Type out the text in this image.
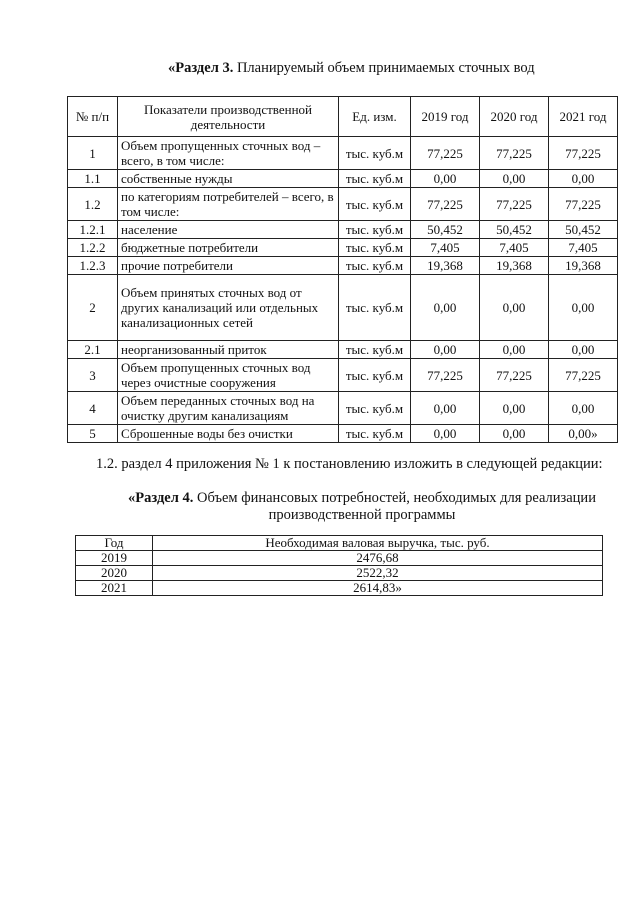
«Раздел 3. Планируемый объем принимаемых сточных вод
№ п/п	Показатели производственной деятельности	Ед. изм.	2019 год	2020 год	2021 год
1	Объем пропущенных сточных вод – всего, в том числе:	тыс. куб.м	77,225	77,225	77,225
1.1	собственные нужды	тыс. куб.м	0,00	0,00	0,00
1.2	по категориям потребителей – всего, в том числе:	тыс. куб.м	77,225	77,225	77,225
1.2.1	население	тыс. куб.м	50,452	50,452	50,452
1.2.2	бюджетные потребители	тыс. куб.м	7,405	7,405	7,405
1.2.3	прочие потребители	тыс. куб.м	19,368	19,368	19,368
2	Объем принятых сточных вод от других канализаций или отдельных канализационных сетей	тыс. куб.м	0,00	0,00	0,00
2.1	неорганизованный приток	тыс. куб.м	0,00	0,00	0,00
3	Объем пропущенных сточных вод через очистные сооружения	тыс. куб.м	77,225	77,225	77,225
4	Объем переданных сточных вод на очистку другим канализациям	тыс. куб.м	0,00	0,00	0,00
5	Сброшенные воды без очистки	тыс. куб.м	0,00	0,00	0,00»
1.2. раздел 4 приложения № 1 к постановлению изложить в следующей редакции:
«Раздел 4. Объем финансовых потребностей, необходимых для реализации производственной программы
Год	Необходимая валовая выручка, тыс. руб.
2019	2476,68
2020	2522,32
2021	2614,83»
